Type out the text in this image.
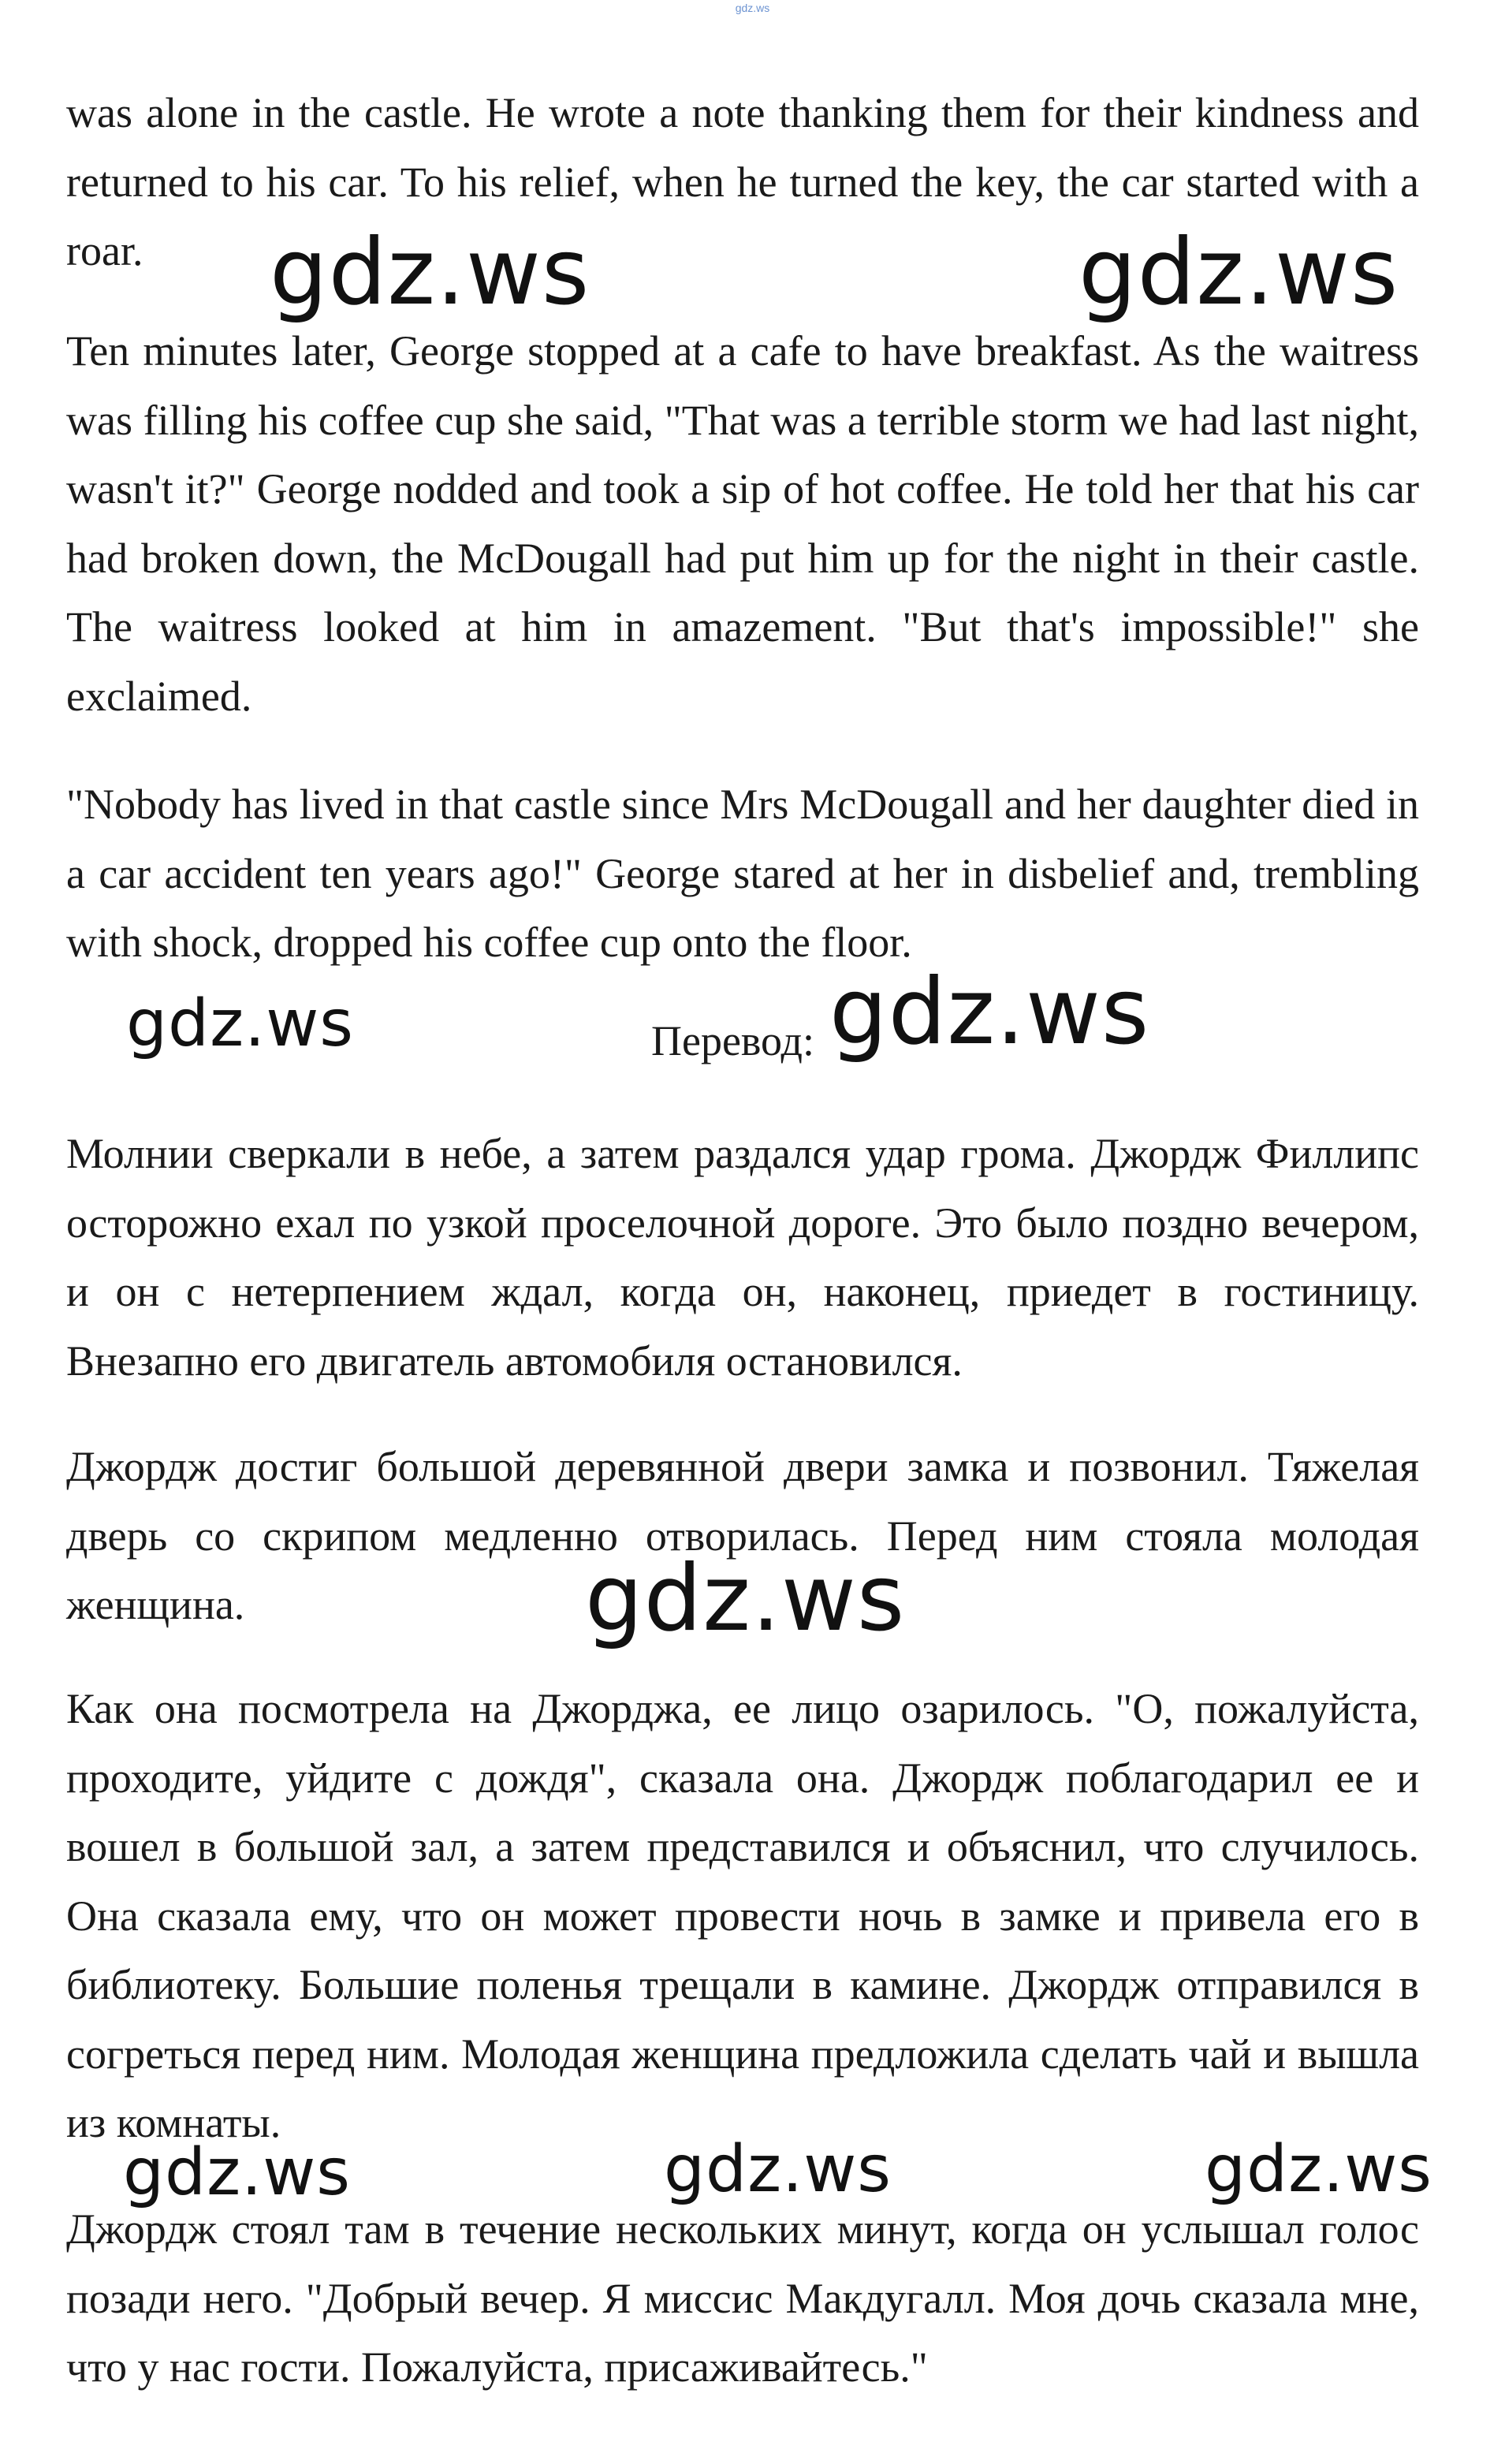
gdz.ws

was alone in the castle. He wrote a note thanking them for their kindness and returned to his car. To his relief, when he turned the key, the car started with a roar.

Ten minutes later, George stopped at a cafe to have breakfast. As the waitress was filling his coffee cup she said, "That was a terrible storm we had last night, wasn't it?" George nodded and took a sip of hot coffee. He told her that his car had broken down, the McDougall had put him up for the night in their castle. The waitress looked at him in amazement. "But that's impossible!" she exclaimed.

"Nobody has lived in that castle since Mrs McDougall and her daughter died in a car accident ten years ago!" George stared at her in disbelief and, trembling with shock, dropped his coffee cup onto the floor.

Перевод:

Молнии сверкали в небе, а затем раздался удар грома. Джордж Филлипс осторожно ехал по узкой проселочной дороге. Это было поздно вечером, и он с нетерпением ждал, когда он, наконец, приедет в гостиницу. Внезапно его двигатель автомобиля остановился.

Джордж достиг большой деревянной двери замка и позвонил. Тяжелая дверь со скрипом медленно отворилась. Перед ним стояла молодая женщина.

Как она посмотрела на Джорджа, ее лицо озарилось. "О, пожалуйста, проходите, уйдите с дождя", сказала она. Джордж поблагодарил ее и вошел в большой зал, а затем представился и объяснил, что случилось. Она сказала ему, что он может провести ночь в замке и привела его в библиотеку. Большие поленья трещали в камине. Джордж отправился в согреться перед ним. Молодая женщина предложила сделать чай и вышла из комнаты.

Джордж стоял там в течение нескольких минут, когда он услышал голос позади него. "Добрый вечер. Я миссис Макдугалл. Моя дочь сказала мне, что у нас гости. Пожалуйста, присаживайтесь."

gdz.ws	gdz.ws
gdz.ws	gdz.ws
gdz.ws
gdz.ws	gdz.ws	gdz.ws
